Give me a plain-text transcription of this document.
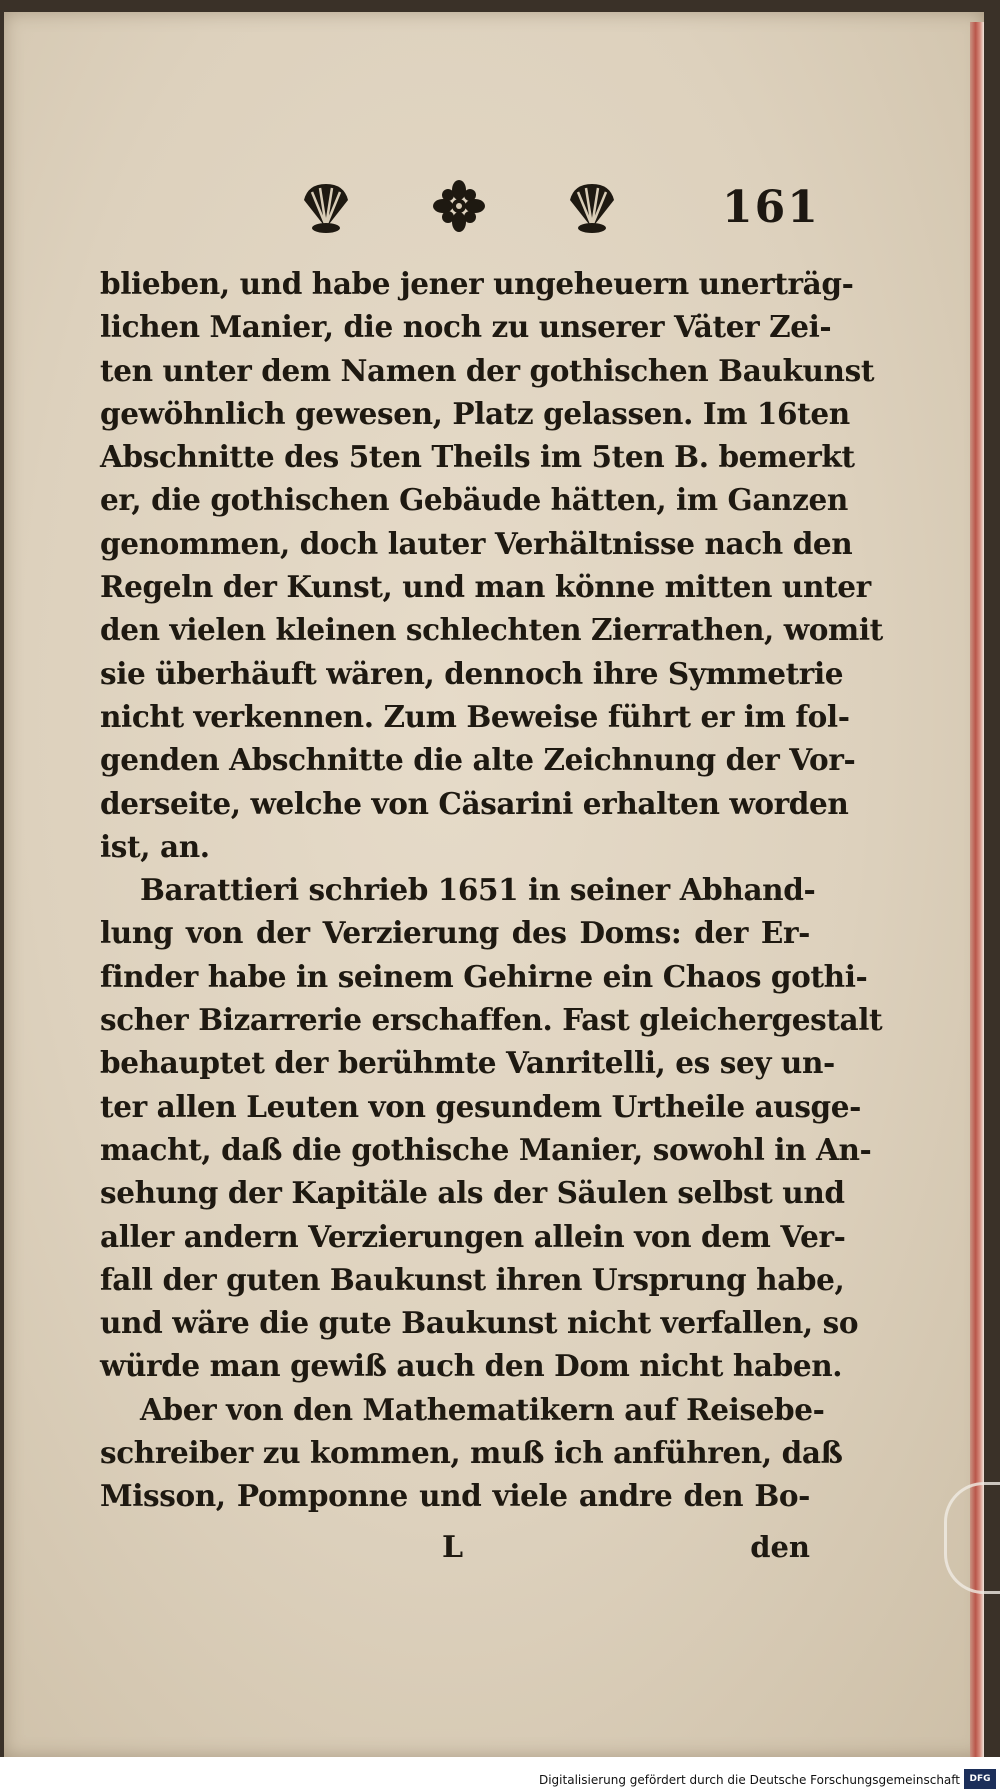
161
blieben, und habe jener ungeheuern unerträg-
lichen Manier, die noch zu unserer Väter Zei-
ten unter dem Namen der gothischen Baukunst
gewöhnlich gewesen, Platz gelassen. Im 16ten
Abschnitte des 5ten Theils im 5ten B. bemerkt
er, die gothischen Gebäude hätten, im Ganzen
genommen, doch lauter Verhältnisse nach den
Regeln der Kunst, und man könne mitten unter
den vielen kleinen schlechten Zierrathen, womit
sie überhäuft wären, dennoch ihre Symmetrie
nicht verkennen. Zum Beweise führt er im fol-
genden Abschnitte die alte Zeichnung der Vor-
derseite, welche von Cäsarini erhalten worden
ist, an.
Barattieri schrieb 1651 in seiner Abhand-
lung von der Verzierung des Doms: der Er-
finder habe in seinem Gehirne ein Chaos gothi-
scher Bizarrerie erschaffen. Fast gleichergestalt
behauptet der berühmte Vanritelli, es sey un-
ter allen Leuten von gesundem Urtheile ausge-
macht, daß die gothische Manier, sowohl in An-
sehung der Kapitäle als der Säulen selbst und
aller andern Verzierungen allein von dem Ver-
fall der guten Baukunst ihren Ursprung habe,
und wäre die gute Baukunst nicht verfallen, so
würde man gewiß auch den Dom nicht haben.
Aber von den Mathematikern auf Reisebe-
schreiber zu kommen, muß ich anführen, daß
Misson, Pomponne und viele andre den Bo-
L	den
Digitalisierung gefördert durch die Deutsche Forschungsgemeinschaft	DFG
